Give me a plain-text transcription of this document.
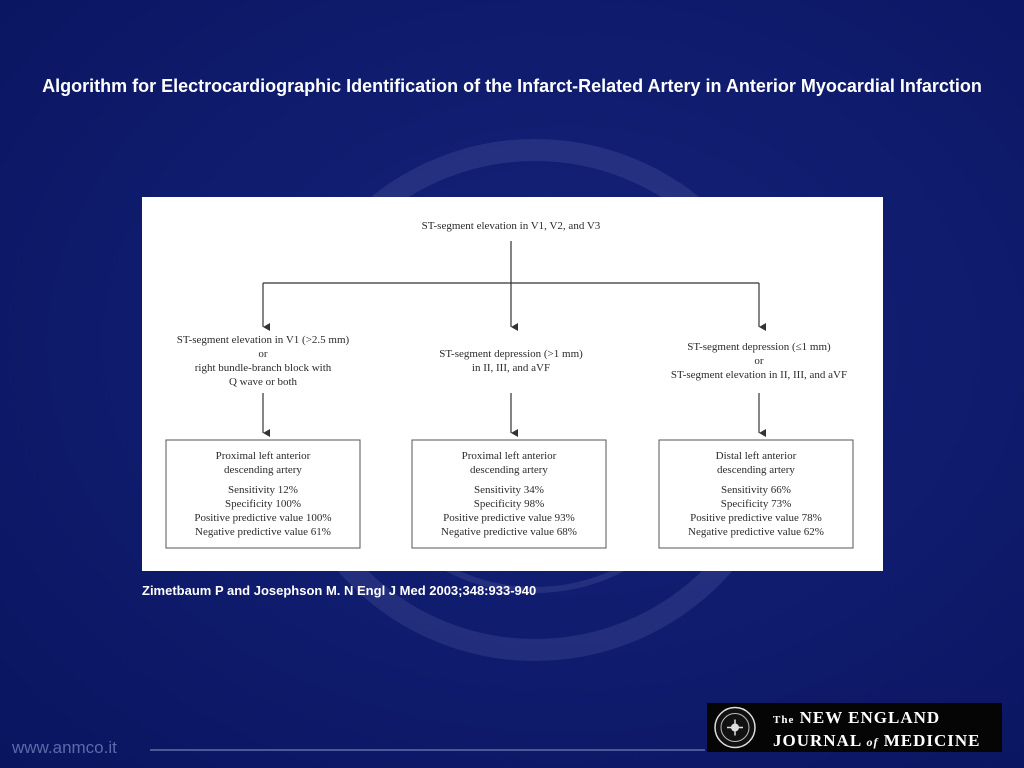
Algorithm for Electrocardiographic Identification of the Infarct-Related Artery in Anterior Myocardial Infarction
ST-segment elevation in V1, V2, and V3
ST-segment elevation in V1 (>2.5 mm)
or
right bundle-branch block with
Q wave or both
ST-segment depression (>1 mm)
in II, III, and aVF
ST-segment depression (≤1 mm)
or
ST-segment elevation in II, III, and aVF
Proximal left anterior
descending artery
Sensitivity 12%
Specificity 100%
Positive predictive value 100%
Negative predictive value 61%
Proximal left anterior
descending artery
Sensitivity 34%
Specificity 98%
Positive predictive value 93%
Negative predictive value 68%
Distal left anterior
descending artery
Sensitivity 66%
Specificity 73%
Positive predictive value 78%
Negative predictive value 62%
Zimetbaum P and Josephson M. N Engl J Med 2003;348:933-940
www.anmco.it
The NEW ENGLAND
JOURNAL of MEDICINE
